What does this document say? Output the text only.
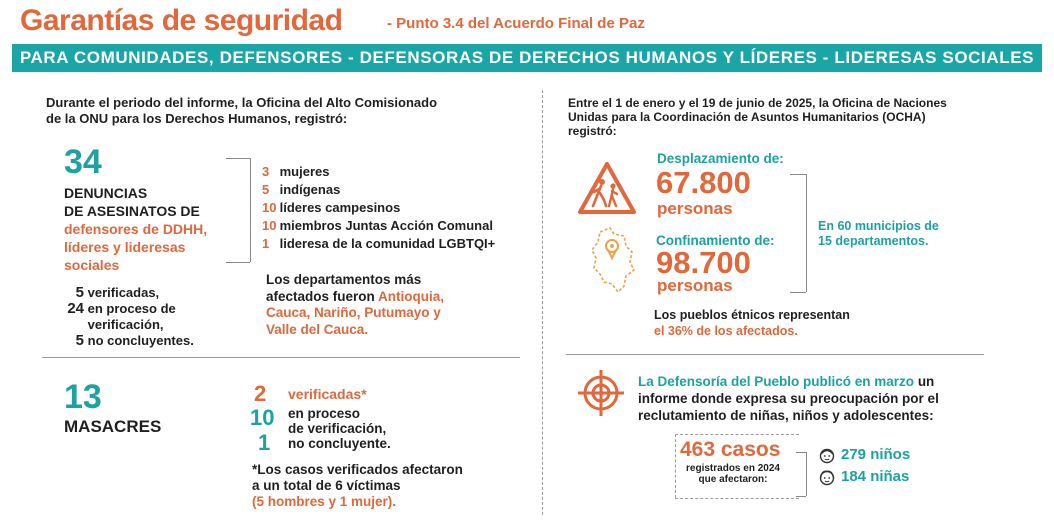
Garantías de seguridad	- Punto 3.4 del Acuerdo Final de Paz
PARA COMUNIDADES, DEFENSORES - DEFENSORAS DE DERECHOS HUMANOS Y LÍDERES - LIDERESAS SOCIALES
Durante el periodo del informe, la Oficina del Alto Comisionado
de la ONU para los Derechos Humanos, registró:
34
DENUNCIAS
DE ASESINATOS DE
defensores de DDHH,
líderes y lideresas
sociales
3 mujeres
5 indígenas
10 líderes campesinos
10 miembros Juntas Acción Comunal
1 lideresa de la comunidad LGBTQI+
5 verificadas,
24 en proceso de
verificación,
5 no concluyentes.
Los departamentos más
afectados fueron Antioquia,
Cauca, Nariño, Putumayo y
Valle del Cauca.
13
MASACRES
2 verificadas*
10 en proceso
de verificación,
1 no concluyente.
*Los casos verificados afectaron
a un total de 6 víctimas
(5 hombres y 1 mujer).
Entre el 1 de enero y el 19 de junio de 2025, la Oficina de Naciones
Unidas para la Coordinación de Asuntos Humanitarios (OCHA)
registró:
Desplazamiento de:
67.800
personas
Confinamiento de:
98.700
personas
En 60 municipios de
15 departamentos.
Los pueblos étnicos representan
el 36% de los afectados.
La Defensoría del Pueblo publicó en marzo un
informe donde expresa su preocupación por el
reclutamiento de niñas, niños y adolescentes:
463 casos
registrados en 2024
que afectaron:
279 niños
184 niñas
